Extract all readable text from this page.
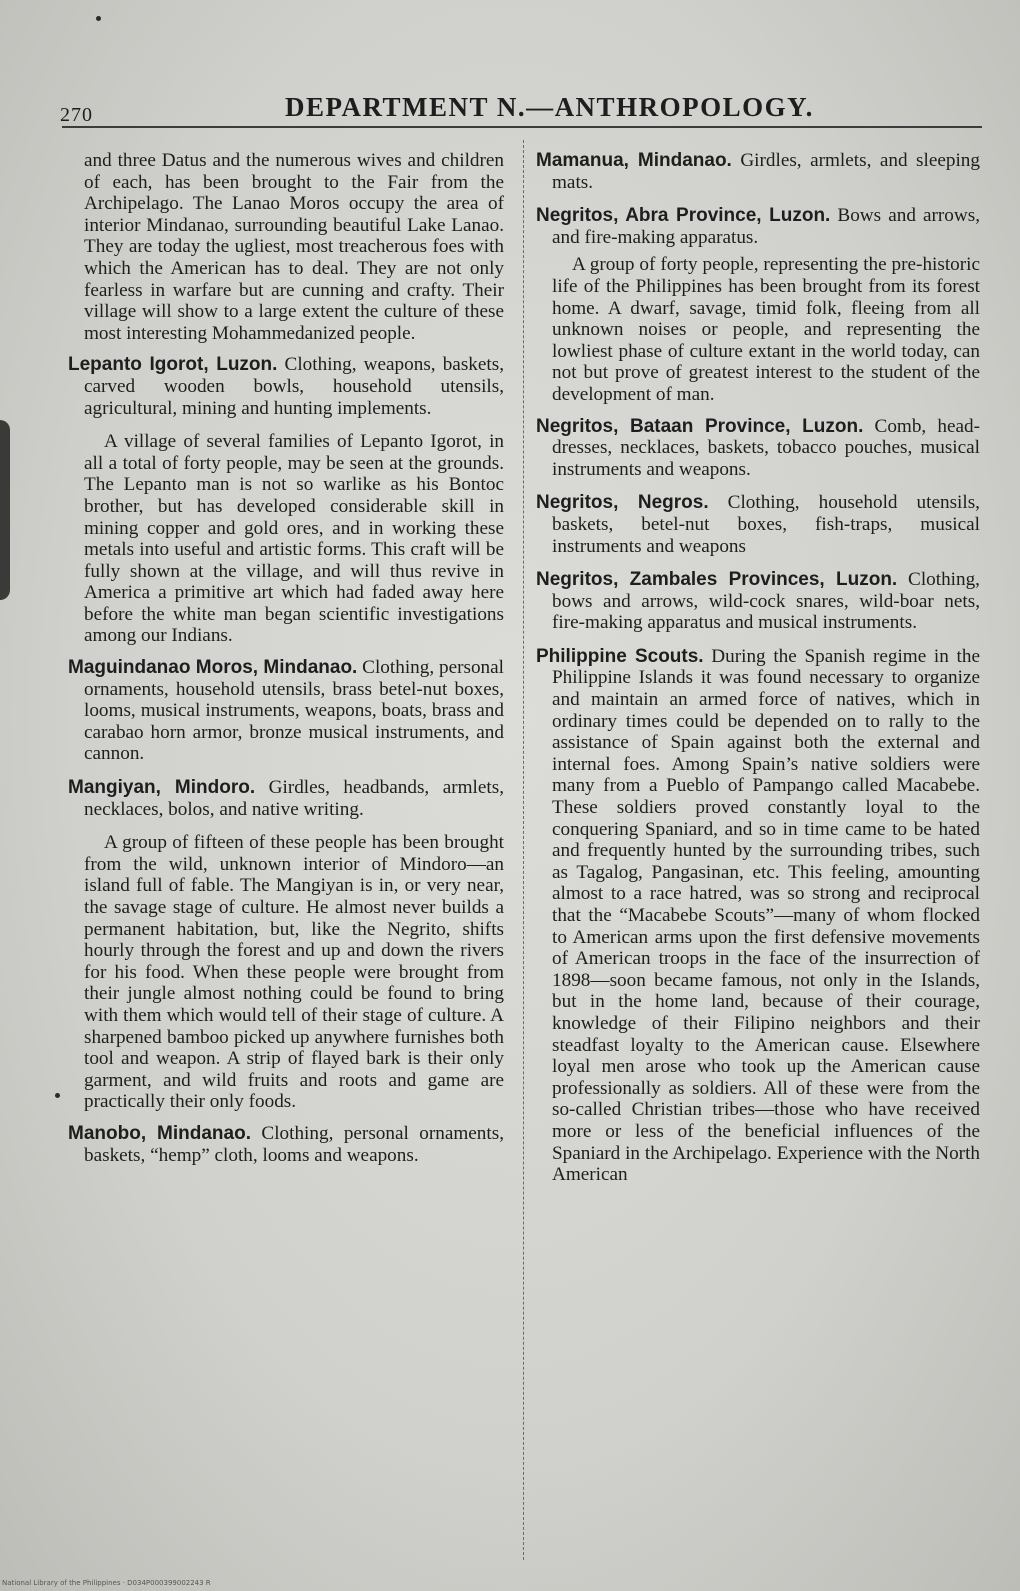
270	DEPARTMENT N.—ANTHROPOLOGY.

and three Datus and the numerous wives and children of each, has been brought to the Fair from the Archipelago. The Lanao Moros occupy the area of interior Mindanao, surrounding beautiful Lake Lanao. They are today the ugliest, most treacherous foes with which the American has to deal. They are not only fearless in warfare but are cunning and crafty. Their village will show to a large extent the culture of these most interesting Mohammedanized people.

Lepanto Igorot, Luzon. Clothing, weapons, baskets, carved wooden bowls, household utensils, agricultural, mining and hunting implements.

A village of several families of Lepanto Igorot, in all a total of forty people, may be seen at the grounds. The Lepanto man is not so warlike as his Bontoc brother, but has developed considerable skill in mining copper and gold ores, and in working these metals into useful and artistic forms. This craft will be fully shown at the village, and will thus revive in America a primitive art which had faded away here before the white man began scientific investigations among our Indians.

Maguindanao Moros, Mindanao. Clothing, personal ornaments, household utensils, brass betel-nut boxes, looms, musical instruments, weapons, boats, brass and carabao horn armor, bronze musical instruments, and cannon.

Mangiyan, Mindoro. Girdles, headbands, armlets, necklaces, bolos, and native writing.

A group of fifteen of these people has been brought from the wild, unknown interior of Mindoro—an island full of fable. The Mangiyan is in, or very near, the savage stage of culture. He almost never builds a permanent habitation, but, like the Negrito, shifts hourly through the forest and up and down the rivers for his food. When these people were brought from their jungle almost nothing could be found to bring with them which would tell of their stage of culture. A sharpened bamboo picked up anywhere furnishes both tool and weapon. A strip of flayed bark is their only garment, and wild fruits and roots and game are practically their only foods.

Manobo, Mindanao. Clothing, personal ornaments, baskets, “hemp” cloth, looms and weapons.

Mamanua, Mindanao. Girdles, armlets, and sleeping mats.

Negritos, Abra Province, Luzon. Bows and arrows, and fire-making apparatus.

A group of forty people, representing the pre-historic life of the Philippines has been brought from its forest home. A dwarf, savage, timid folk, fleeing from all unknown noises or people, and representing the lowliest phase of culture extant in the world today, can not but prove of greatest interest to the student of the development of man.

Negritos, Bataan Province, Luzon. Comb, head-dresses, necklaces, baskets, tobacco pouches, musical instruments and weapons.

Negritos, Negros. Clothing, household utensils, baskets, betel-nut boxes, fish-traps, musical instruments and weapons

Negritos, Zambales Provinces, Luzon. Clothing, bows and arrows, wild-cock snares, wild-boar nets, fire-making apparatus and musical instruments.

Philippine Scouts. During the Spanish regime in the Philippine Islands it was found necessary to organize and maintain an armed force of natives, which in ordinary times could be depended on to rally to the assistance of Spain against both the external and internal foes. Among Spain’s native soldiers were many from a Pueblo of Pampango called Macabebe. These soldiers proved constantly loyal to the conquering Spaniard, and so in time came to be hated and frequently hunted by the surrounding tribes, such as Tagalog, Pangasinan, etc. This feeling, amounting almost to a race hatred, was so strong and reciprocal that the “Macabebe Scouts”—many of whom flocked to American arms upon the first defensive movements of American troops in the face of the insurrection of 1898—soon became famous, not only in the Islands, but in the home land, because of their courage, knowledge of their Filipino neighbors and their steadfast loyalty to the American cause. Elsewhere loyal men arose who took up the American cause professionally as soldiers. All of these were from the so-called Christian tribes—those who have received more or less of the beneficial influences of the Spaniard in the Archipelago. Experience with the North American

National Library of the Philippines · D034P000399002243 R
